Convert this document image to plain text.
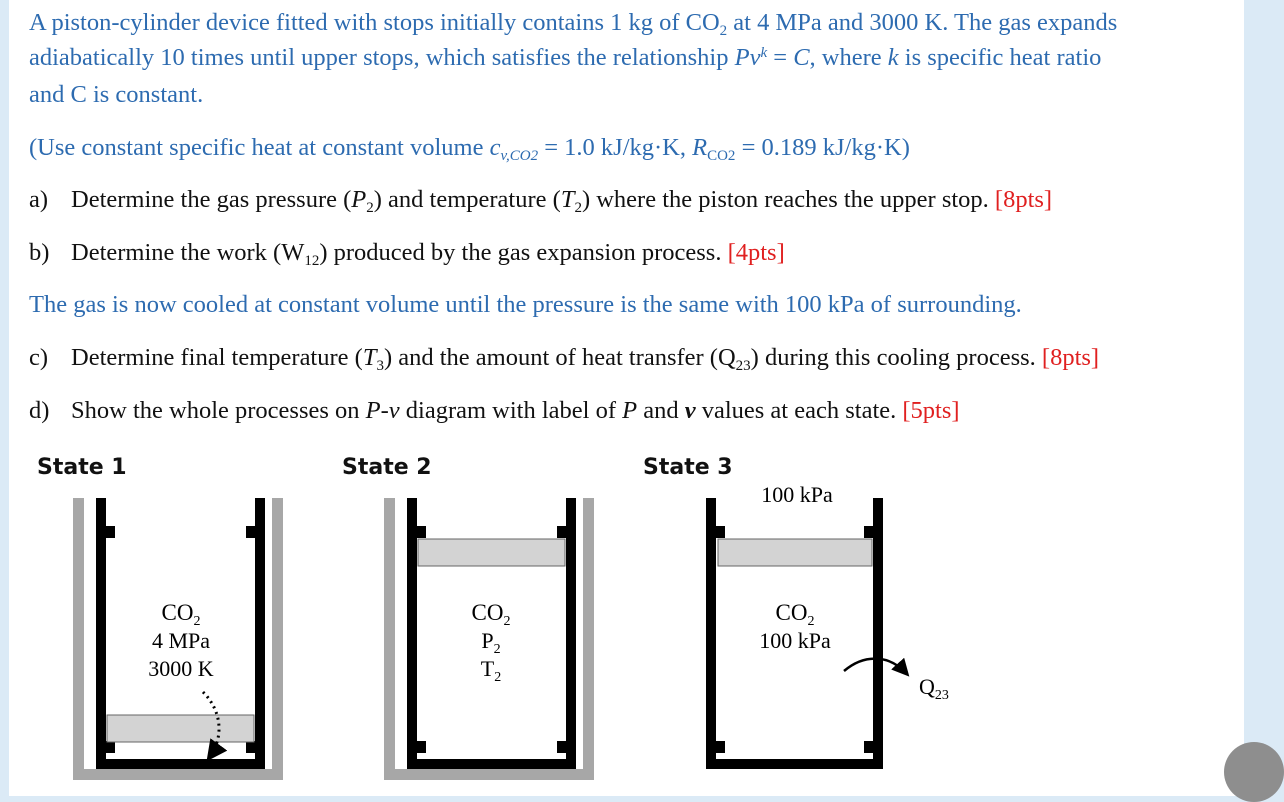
A piston-cylinder device fitted with stops initially contains 1 kg of $CO_2$ at 4 MPa and 3000 K. The gas expands
adiabatically 10 times until upper stops, which satisfies the relationship $Pv^k = C$, where k is specific heat ratio
and C is constant.
(Use constant specific heat at constant volume $c_{v,CO2} = 1.0$ kJ/kg·K, $R_{CO2} = 0.189$ kJ/kg·K)
a) Determine the gas pressure $(P_2)$ and temperature $(T_2)$ where the piston reaches the upper stop. [8pts]
b) Determine the work $(W_{12})$ produced by the gas expansion process. [4pts]
The gas is now cooled at constant volume until the pressure is the same with 100 kPa of surrounding.
c) Determine final temperature $(T_3)$ and the amount of heat transfer $(Q_{23})$ during this cooling process. [8pts]
d) Show the whole processes on P-v diagram with label of P and v values at each state. [5pts]
State 1	State 2	State 3
$CO_2$
4 MPa
3000 K
$CO_2$
$P_2$
$T_2$
100 kPa
$CO_2$
100 kPa
$Q_{23}$
